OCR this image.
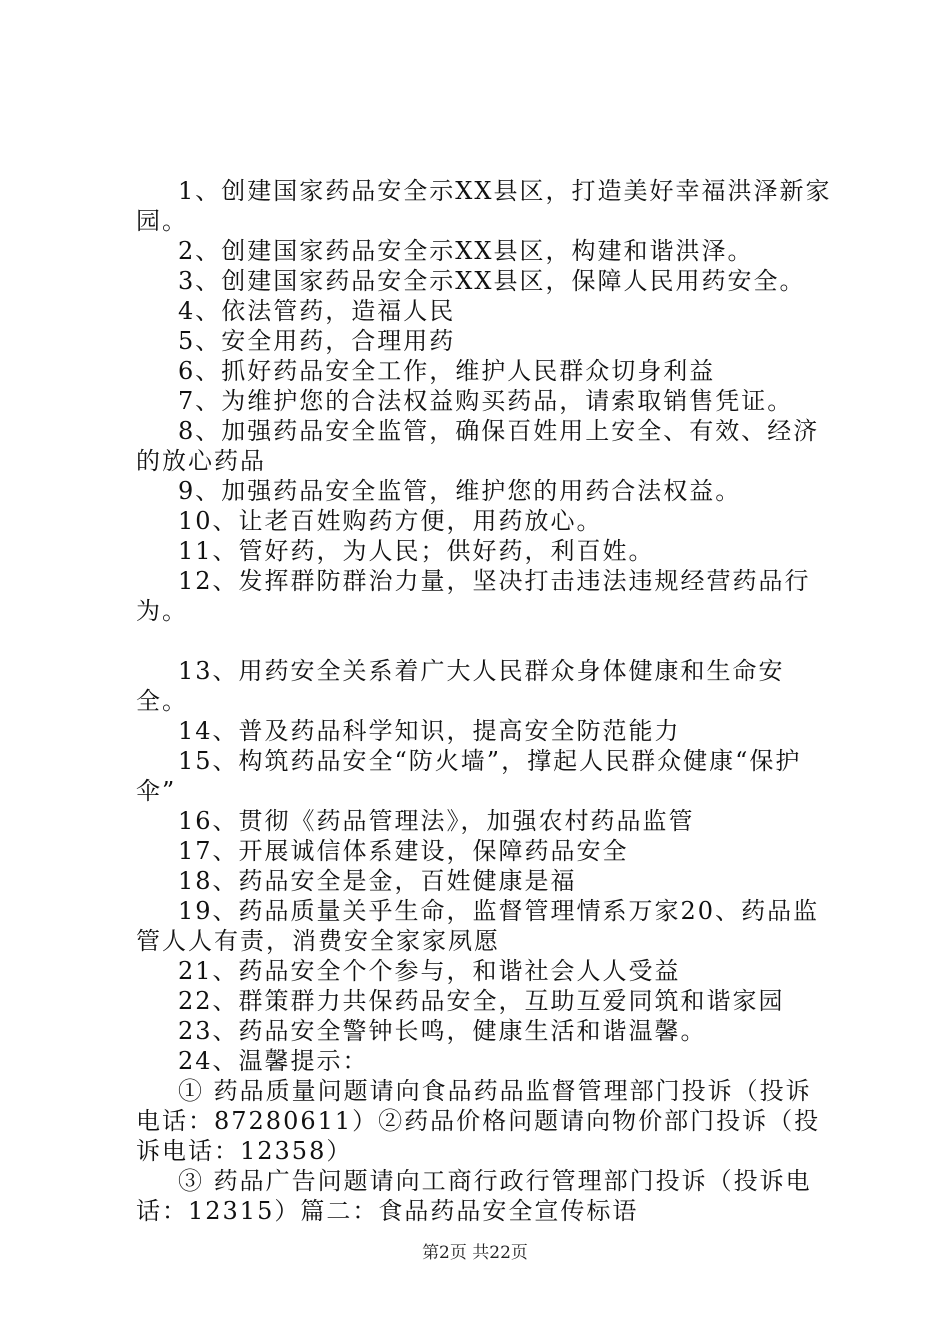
1、创建国家药品安全示XX县区，打造美好幸福洪泽新家园。

2、创建国家药品安全示XX县区，构建和谐洪泽。

3、创建国家药品安全示XX县区，保障人民用药安全。

4、依法管药，造福人民

5、安全用药，合理用药

6、抓好药品安全工作，维护人民群众切身利益

7、为维护您的合法权益购买药品，请索取销售凭证。

8、加强药品安全监管，确保百姓用上安全、有效、经济的放心药品

9、加强药品安全监管，维护您的用药合法权益。

10、让老百姓购药方便，用药放心。

11、管好药，为人民；供好药，利百姓。

12、发挥群防群治力量，坚决打击违法违规经营药品行为。

13、用药安全关系着广大人民群众身体健康和生命安全。

14、普及药品科学知识，提高安全防范能力

15、构筑药品安全“防火墙”，撑起人民群众健康“保护伞”

16、贯彻《药品管理法》，加强农村药品监管

17、开展诚信体系建设，保障药品安全

18、药品安全是金，百姓健康是福

19、药品质量关乎生命，监督管理情系万家20、药品监管人人有责，消费安全家家夙愿

21、药品安全个个参与，和谐社会人人受益

22、群策群力共保药品安全，互助互爱同筑和谐家园

23、药品安全警钟长鸣，健康生活和谐温馨。

24、温馨提示：

① 药品质量问题请向食品药品监督管理部门投诉（投诉电话：87280611）②药品价格问题请向物价部门投诉（投诉电话：12358）

③ 药品广告问题请向工商行政行管理部门投诉（投诉电话：12315）篇二：食品药品安全宣传标语

第2页 共22页
